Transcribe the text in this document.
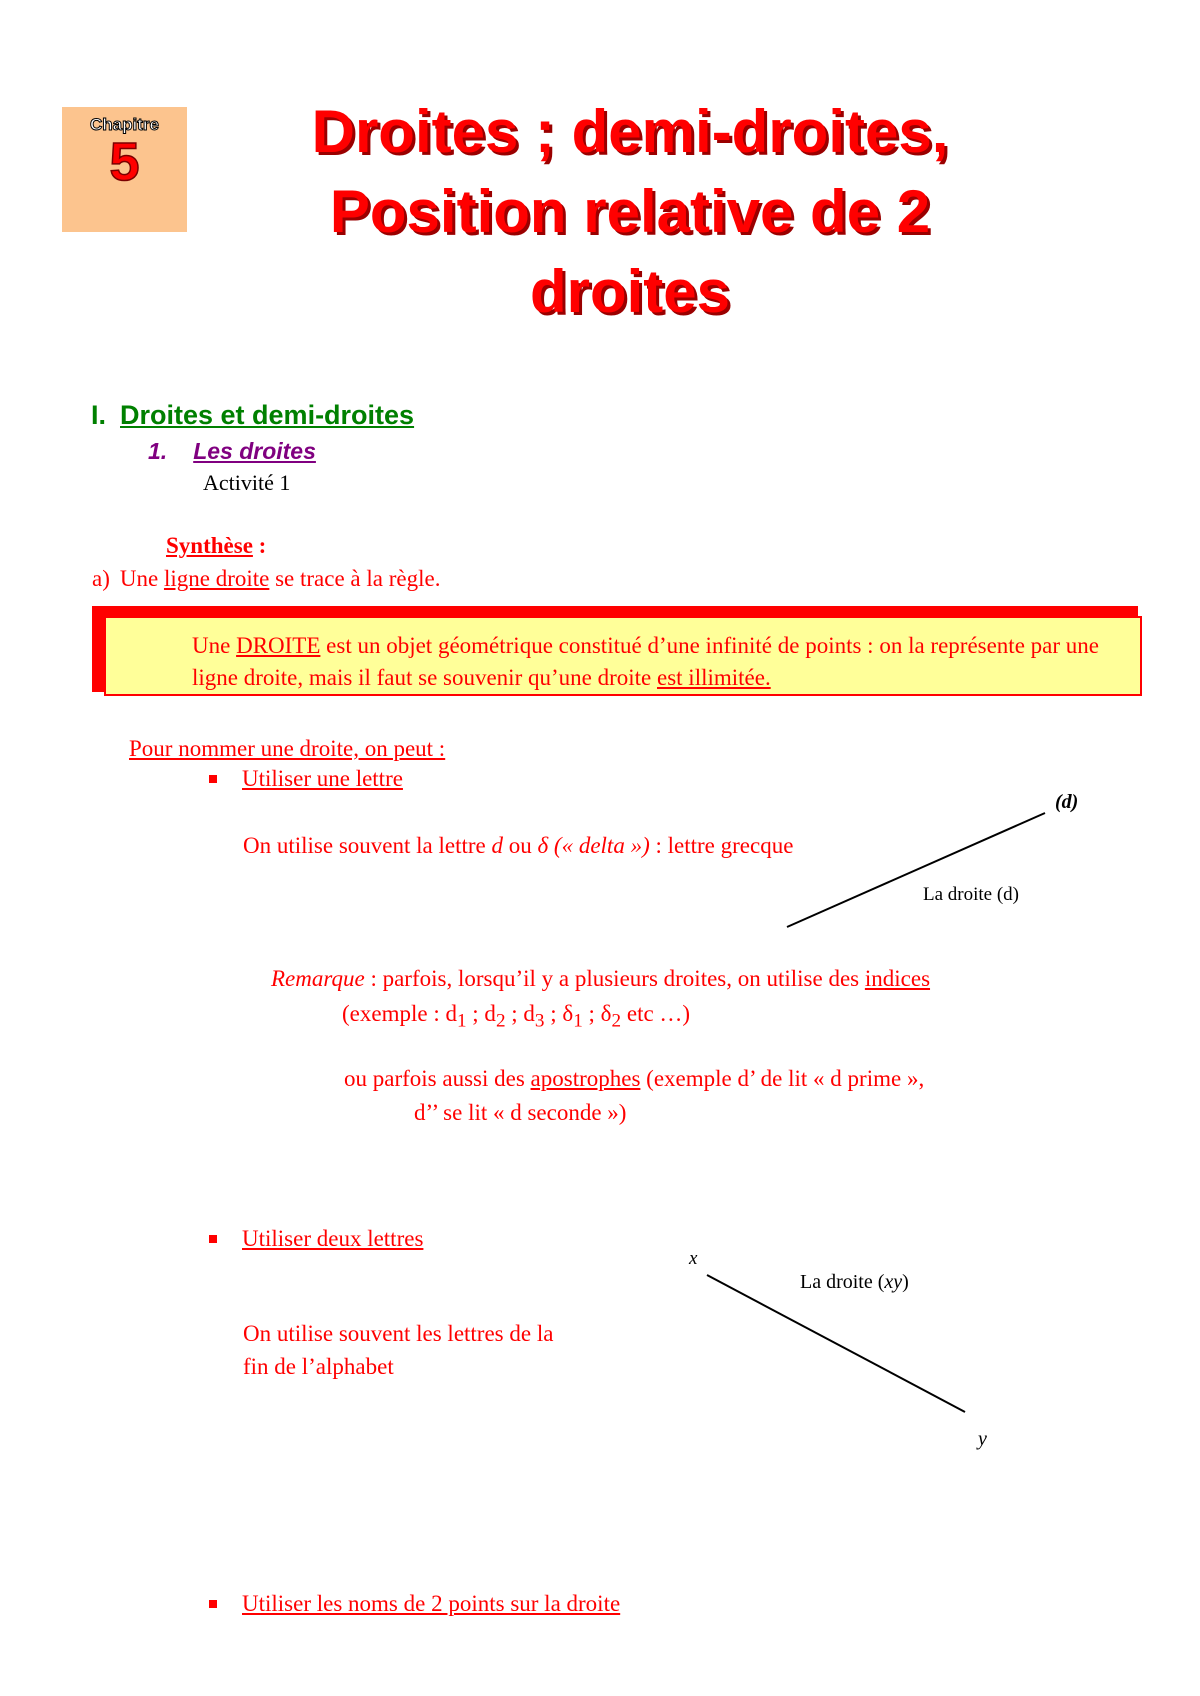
Chapitre
5	Droites ; demi-droites,
Position relative de 2
droites
I. Droites et demi-droites
1. Les droites
Activité 1
Synthèse :
a) Une ligne droite se trace à la règle.
Une DROITE est un objet géométrique constitué d’une infinité de points : on la représente par une ligne droite, mais il faut se souvenir qu’une droite est illimitée.
Pour nommer une droite, on peut :
Utiliser une lettre
On utilise souvent la lettre d ou δ (« delta ») : lettre grecque
(d)
La droite (d)
Remarque : parfois, lorsqu’il y a plusieurs droites, on utilise des indices
(exemple : $d_1$ ; $d_2$ ; $d_3$ ; $\delta_1$ ; $\delta_2$ etc …)
ou parfois aussi des apostrophes (exemple d’ de lit « d prime »,
d’’ se lit « d seconde »)
Utiliser deux lettres
On utilise souvent les lettres de la
fin de l’alphabet
x
y
La droite (xy)
Utiliser les noms de 2 points sur la droite
